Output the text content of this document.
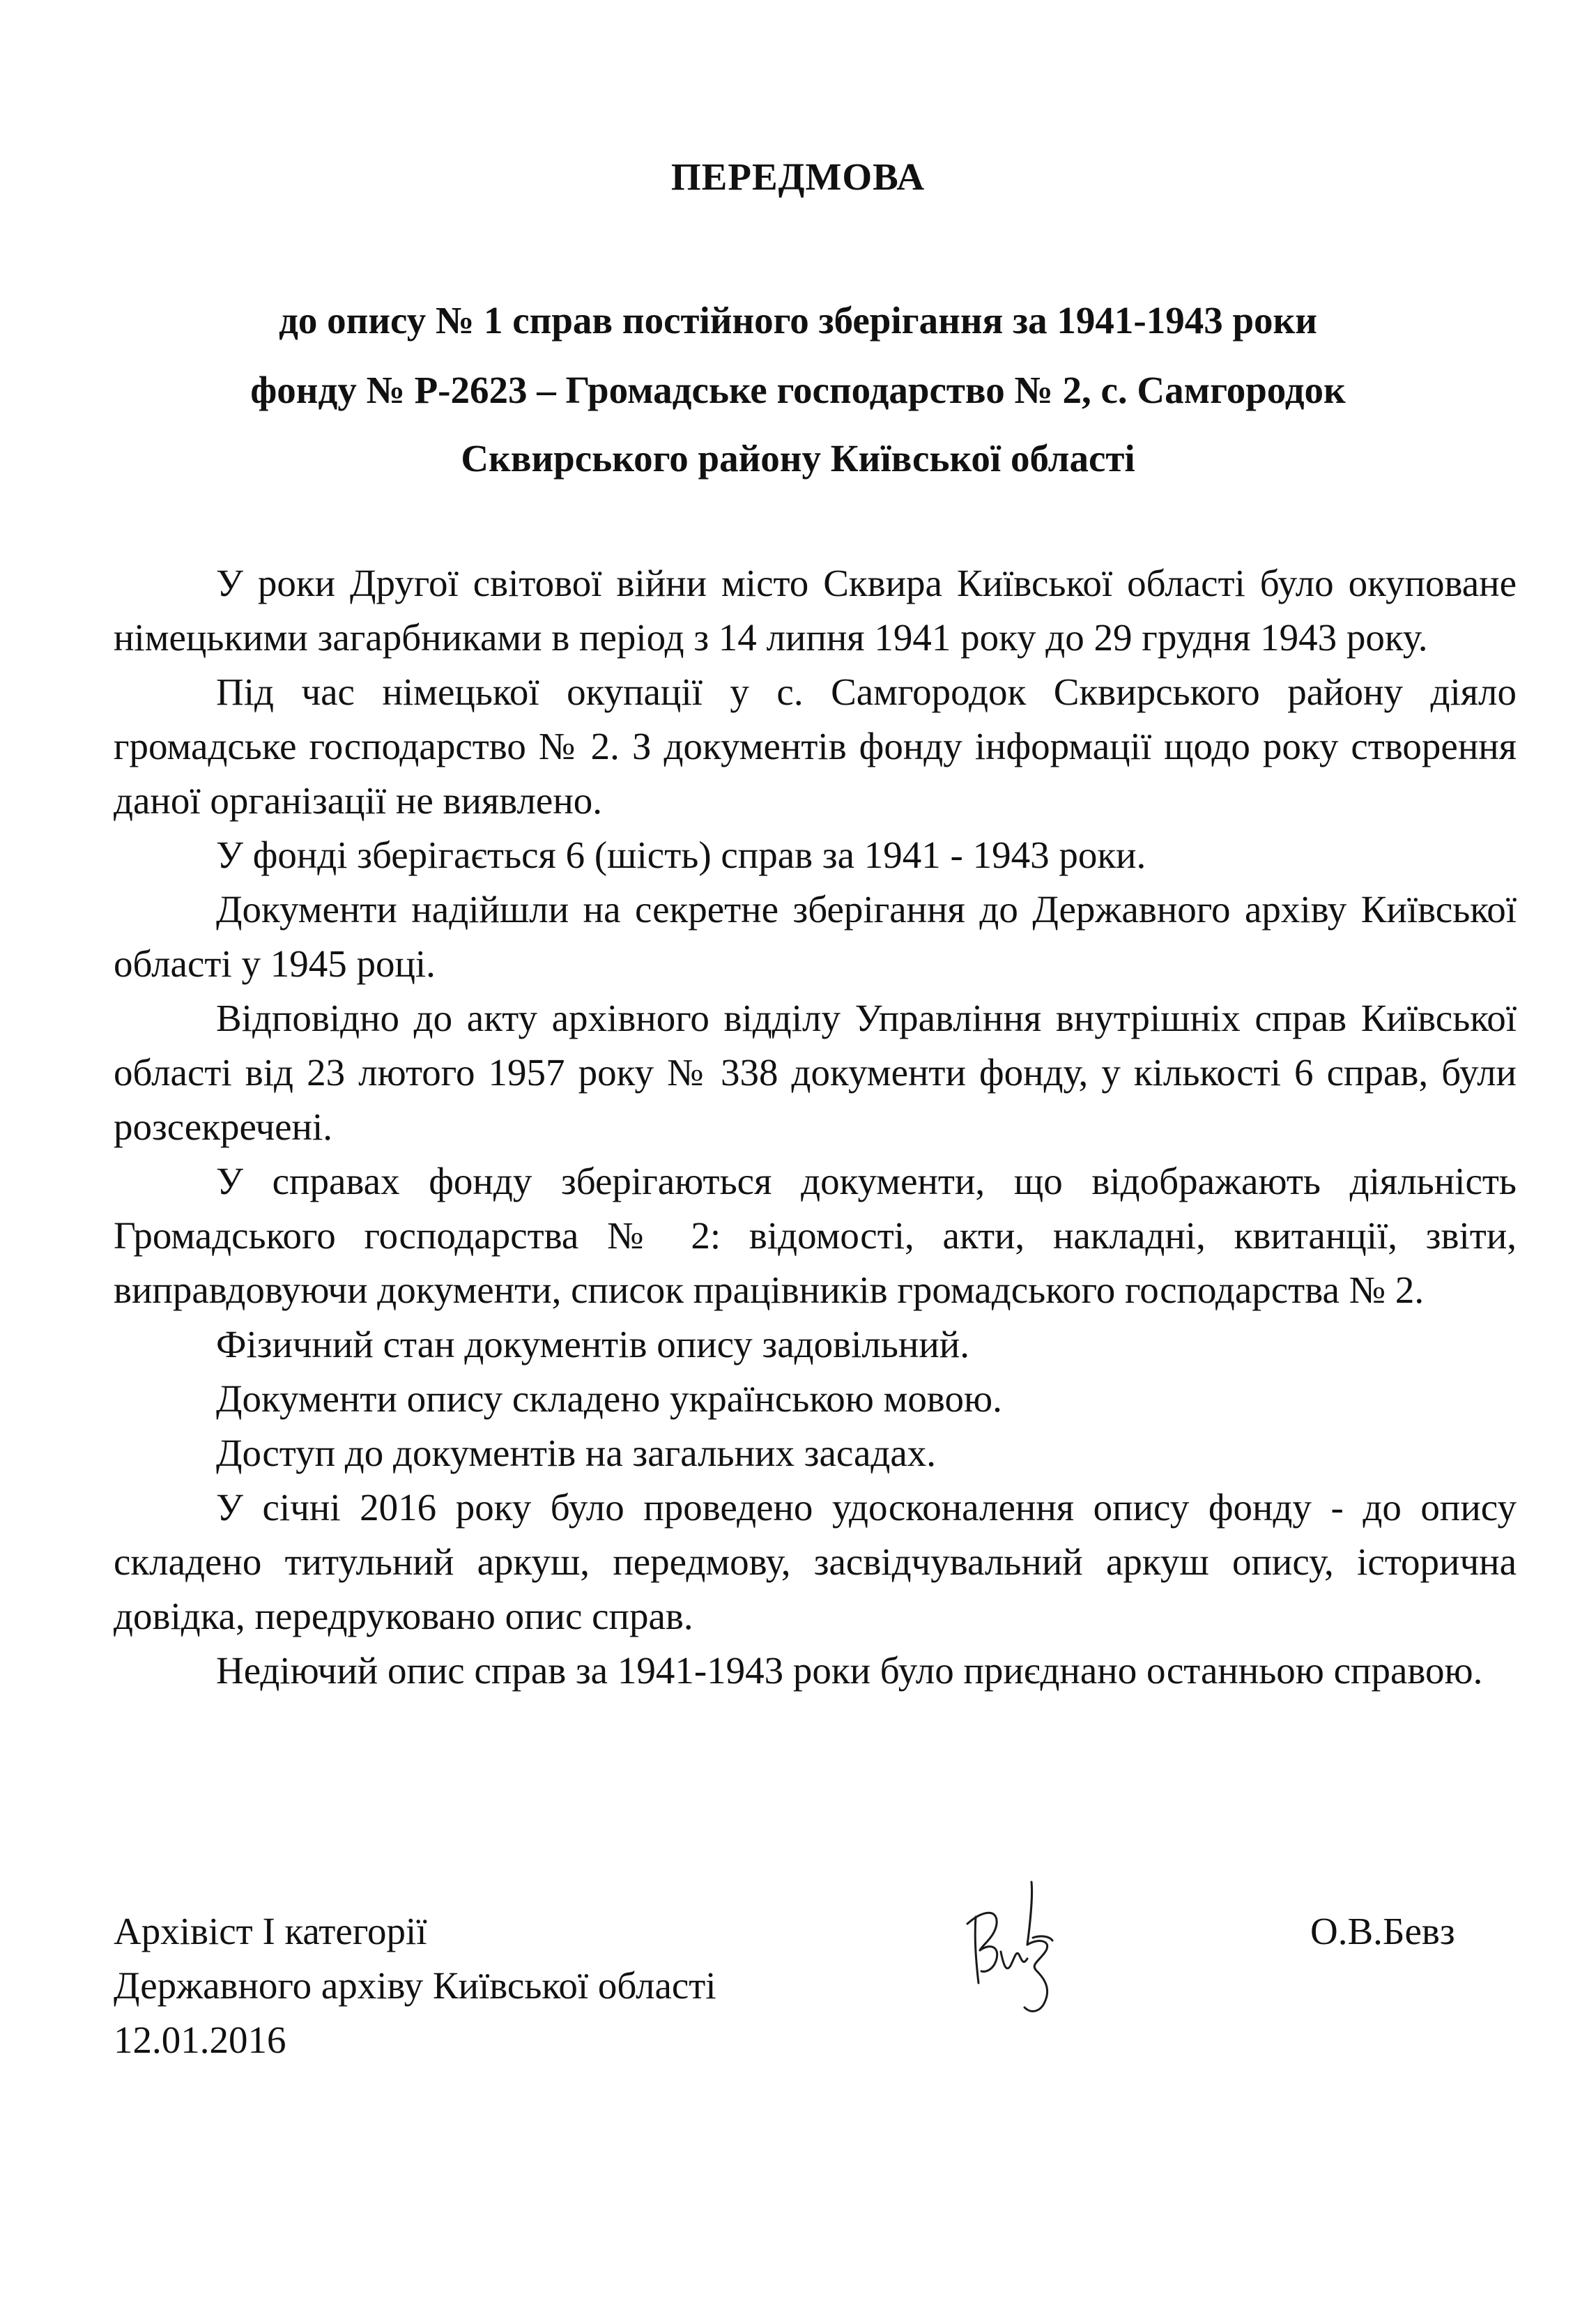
ПЕРЕДМОВА
до опису № 1 справ постійного зберігання за 1941-1943 роки
фонду № Р-2623 – Громадське господарство № 2, с. Самгородок
Сквирського району Київської області

У роки Другої світової війни місто Сквира Київської області було окуповане німецькими загарбниками в період з 14 липня 1941 року до 29 грудня 1943 року.

Під час німецької окупації у с. Самгородок Сквирського району діяло громадське господарство № 2. З документів фонду інформації щодо року створення даної організації не виявлено.

У фонді зберігається 6 (шість) справ за 1941 - 1943 роки.

Документи надійшли на секретне зберігання до Державного архіву Київської області у 1945 році.

Відповідно до акту архівного відділу Управління внутрішніх справ Київської області від 23 лютого 1957 року № 338 документи фонду, у кількості 6 справ, були розсекречені.

У справах фонду зберігаються документи, що відображають діяльність Громадського господарства № 2: відомості, акти, накладні, квитанції, звіти, виправдовуючи документи, список працівників громадського господарства № 2.

Фізичний стан документів опису задовільний.

Документи опису складено українською мовою.

Доступ до документів на загальних засадах.

У січні 2016 року було проведено удосконалення опису фонду - до опису складено титульний аркуш, передмову, засвідчувальний аркуш опису, історична довідка, передруковано опис справ.

Недіючий опис справ за 1941-1943 роки було приєднано останньою справою.

Архівіст І категорії
Державного архіву Київської області
12.01.2016
О.В.Бевз
